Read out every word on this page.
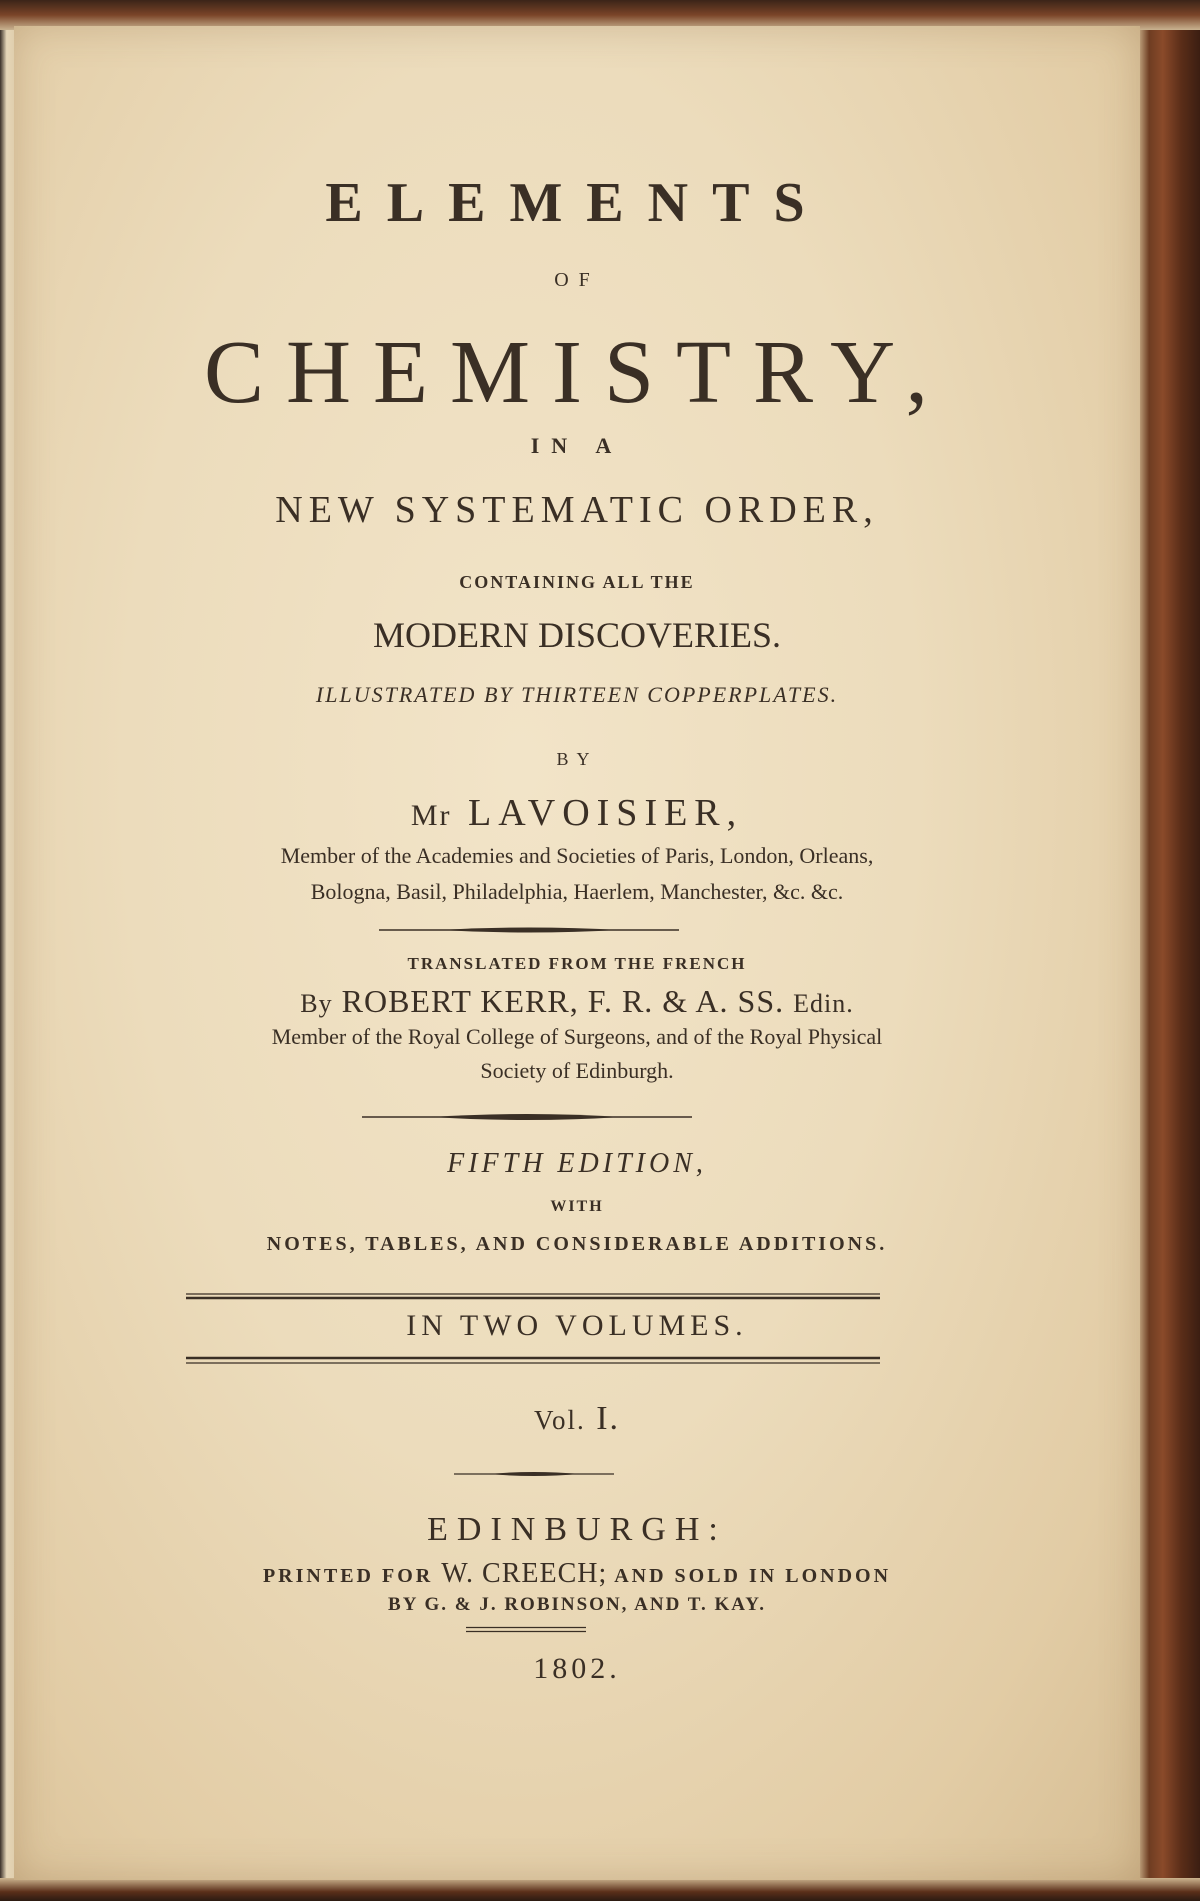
ELEMENTS
OF
CHEMISTRY,
IN A
NEW SYSTEMATIC ORDER,
CONTAINING ALL THE
MODERN DISCOVERIES.
ILLUSTRATED BY THIRTEEN COPPERPLATES.
BY
Mr LAVOISIER,
Member of the Academies and Societies of Paris, London, Orleans,
Bologna, Basil, Philadelphia, Haerlem, Manchester, &c. &c.
TRANSLATED FROM THE FRENCH
By ROBERT KERR, F. R. & A. SS. Edin.
Member of the Royal College of Surgeons, and of the Royal Physical
Society of Edinburgh.
FIFTH EDITION,
WITH
NOTES, TABLES, AND CONSIDERABLE ADDITIONS.
IN TWO VOLUMES.
Vol. I.
EDINBURGH:
PRINTED FOR W. CREECH; AND SOLD IN LONDON
BY G. & J. ROBINSON, AND T. KAY.
1802.
